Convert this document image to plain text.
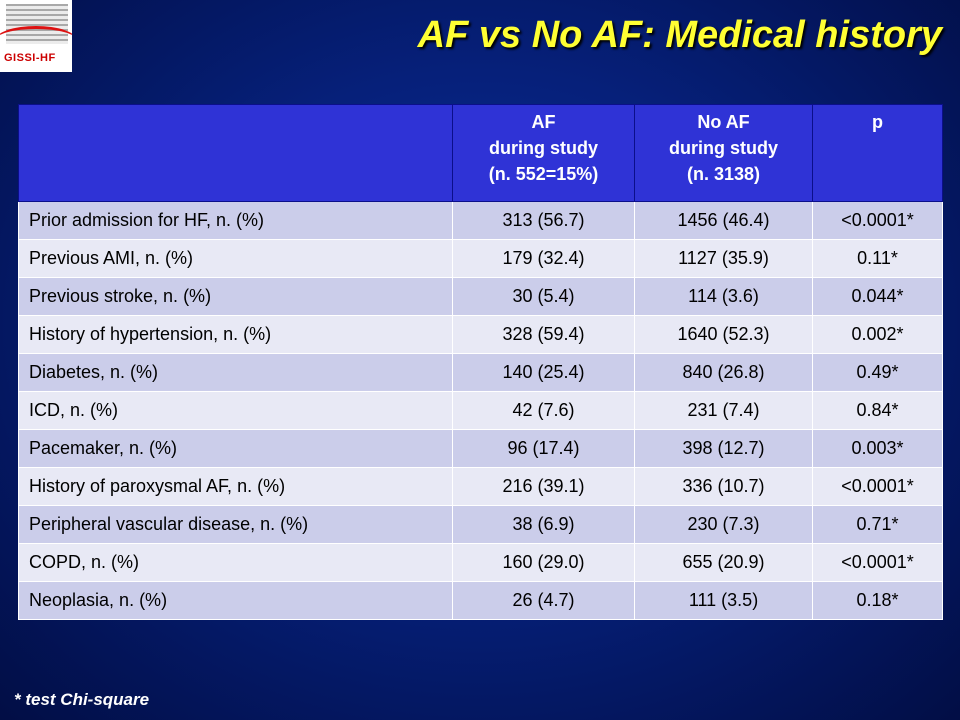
GISSI-HF
AF vs No AF: Medical history

	AF
during study
(n. 552=15%)	No AF
during study
(n. 3138)	p
Prior admission for HF, n. (%)	313 (56.7)	1456 (46.4)	<0.0001*
Previous AMI, n. (%)	179 (32.4)	1127 (35.9)	0.11*
Previous stroke, n. (%)	30 (5.4)	114 (3.6)	0.044*
History of hypertension, n. (%)	328 (59.4)	1640 (52.3)	0.002*
Diabetes, n. (%)	140 (25.4)	840 (26.8)	0.49*
ICD, n. (%)	42 (7.6)	231 (7.4)	0.84*
Pacemaker, n. (%)	96 (17.4)	398 (12.7)	0.003*
History of paroxysmal AF, n. (%)	216 (39.1)	336 (10.7)	<0.0001*
Peripheral vascular disease, n. (%)	38 (6.9)	230 (7.3)	0.71*
COPD, n. (%)	160 (29.0)	655 (20.9)	<0.0001*
Neoplasia, n. (%)	26 (4.7)	111 (3.5)	0.18*
* test Chi-square
